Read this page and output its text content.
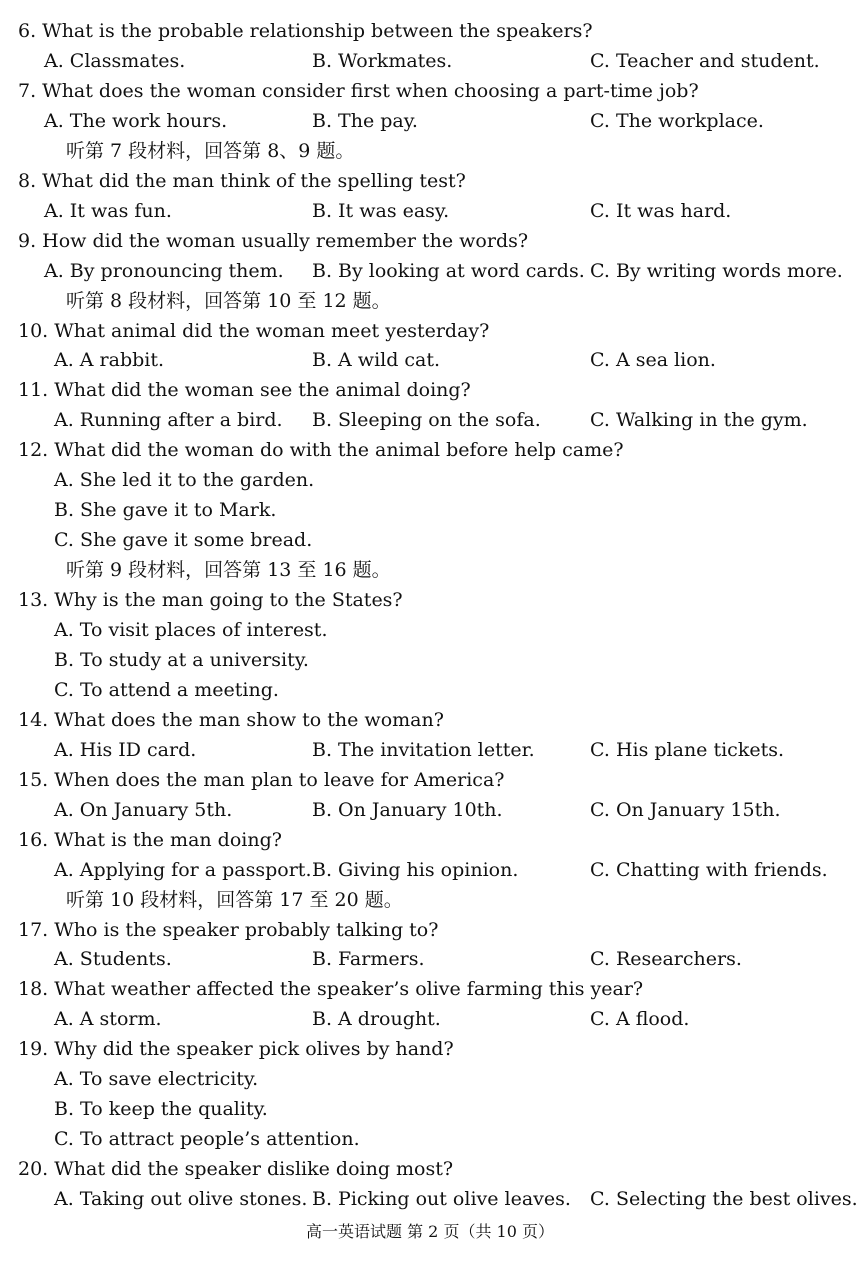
6. What is the probable relationship between the speakers?
A. Classmates.	B. Workmates.	C. Teacher and student.
7. What does the woman consider first when choosing a part-time job?
A. The work hours.	B. The pay.	C. The workplace.
听第 7 段材料，回答第 8、9 题。
8. What did the man think of the spelling test?
A. It was fun.	B. It was easy.	C. It was hard.
9. How did the woman usually remember the words?
A. By pronouncing them. B. By looking at word cards. C. By writing words more.
听第 8 段材料，回答第 10 至 12 题。
10. What animal did the woman meet yesterday?
A. A rabbit.	B. A wild cat.	C. A sea lion.
11. What did the woman see the animal doing?
A. Running after a bird. B. Sleeping on the sofa.	C. Walking in the gym.
12. What did the woman do with the animal before help came?
A. She led it to the garden.
B. She gave it to Mark.
C. She gave it some bread.
听第 9 段材料，回答第 13 至 16 题。
13. Why is the man going to the States?
A. To visit places of interest.
B. To study at a university.
C. To attend a meeting.
14. What does the man show to the woman?
A. His ID card.	B. The invitation letter.	C. His plane tickets.
15. When does the man plan to leave for America?
A. On January 5th.	B. On January 10th.	C. On January 15th.
16. What is the man doing?
A. Applying for a passport. B. Giving his opinion.	C. Chatting with friends.
听第 10 段材料，回答第 17 至 20 题。
17. Who is the speaker probably talking to?
A. Students.	B. Farmers.	C. Researchers.
18. What weather affected the speaker’s olive farming this year?
A. A storm.	B. A drought.	C. A flood.
19. Why did the speaker pick olives by hand?
A. To save electricity.
B. To keep the quality.
C. To attract people’s attention.
20. What did the speaker dislike doing most?
A. Taking out olive stones. B. Picking out olive leaves. C. Selecting the best olives.
高一英语试题 第 2 页（共 10 页）
